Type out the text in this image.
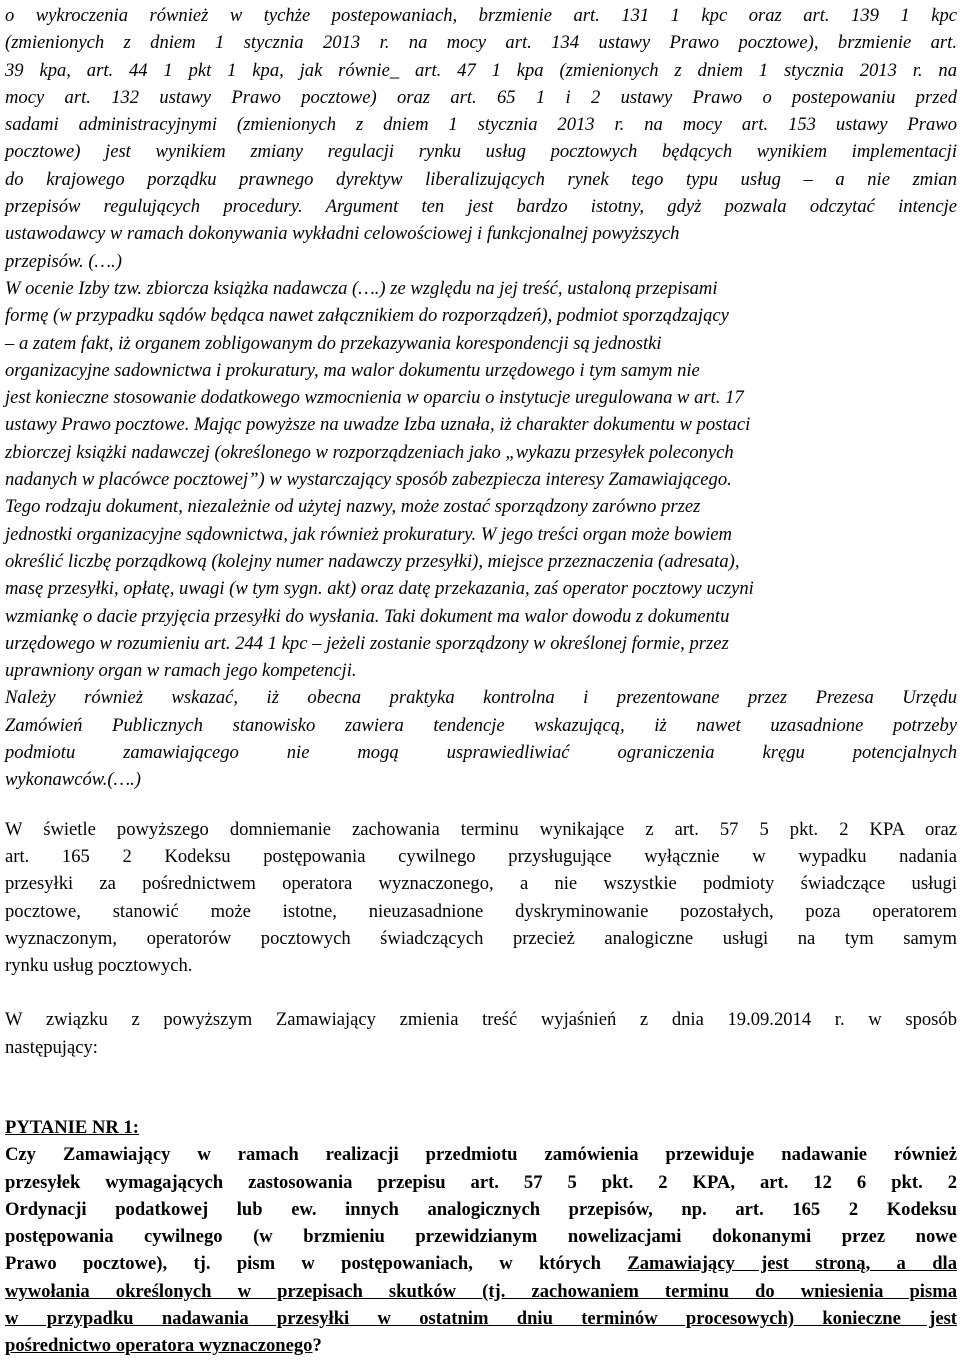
o wykroczenia również w tychże postepowaniach, brzmienie art. 131 1 kpc oraz art. 139 1 kpc
(zmienionych z dniem 1 stycznia 2013 r. na mocy art. 134 ustawy Prawo pocztowe), brzmienie art.
39 kpa, art. 44 1 pkt 1 kpa, jak równie_ art. 47 1 kpa (zmienionych z dniem 1 stycznia 2013 r. na
mocy art. 132 ustawy Prawo pocztowe) oraz art. 65 1 i 2 ustawy Prawo o postepowaniu przed
sadami administracyjnymi (zmienionych z dniem 1 stycznia 2013 r. na mocy art. 153 ustawy Prawo
pocztowe) jest wynikiem zmiany regulacji rynku usług pocztowych będących wynikiem implementacji
do krajowego porządku prawnego dyrektyw liberalizujących rynek tego typu usług – a nie zmian
przepisów regulujących procedury. Argument ten jest bardzo istotny, gdyż pozwala odczytać intencje
ustawodawcy w ramach dokonywania wykładni celowościowej i funkcjonalnej powyższych
przepisów. (….)
W ocenie Izby tzw. zbiorcza książka nadawcza (….) ze względu na jej treść, ustaloną przepisami
formę (w przypadku sądów będąca nawet załącznikiem do rozporządzeń), podmiot sporządzający
– a zatem fakt, iż organem zobligowanym do przekazywania korespondencji są jednostki
organizacyjne sadownictwa i prokuratury, ma walor dokumentu urzędowego i tym samym nie
jest konieczne stosowanie dodatkowego wzmocnienia w oparciu o instytucje uregulowana w art. 17
ustawy Prawo pocztowe. Mając powyższe na uwadze Izba uznała, iż charakter dokumentu w postaci
zbiorczej książki nadawczej (określonego w rozporządzeniach jako „wykazu przesyłek poleconych
nadanych w placówce pocztowej”) w wystarczający sposób zabezpiecza interesy Zamawiającego.
Tego rodzaju dokument, niezależnie od użytej nazwy, może zostać sporządzony zarówno przez
jednostki organizacyjne sądownictwa, jak również prokuratury. W jego treści organ może bowiem
określić liczbę porządkową (kolejny numer nadawczy przesyłki), miejsce przeznaczenia (adresata),
masę przesyłki, opłatę, uwagi (w tym sygn. akt) oraz datę przekazania, zaś operator pocztowy uczyni
wzmiankę o dacie przyjęcia przesyłki do wysłania. Taki dokument ma walor dowodu z dokumentu
urzędowego w rozumieniu art. 244 1 kpc – jeżeli zostanie sporządzony w określonej formie, przez
uprawniony organ w ramach jego kompetencji.
Należy również wskazać, iż obecna praktyka kontrolna i prezentowane przez Prezesa Urzędu
Zamówień Publicznych stanowisko zawiera tendencje wskazującą, iż nawet uzasadnione potrzeby
podmiotu zamawiającego nie mogą usprawiedliwiać ograniczenia kręgu potencjalnych
wykonawców.(….)
W świetle powyższego domniemanie zachowania terminu wynikające z art. 57 5 pkt. 2 KPA oraz
art. 165 2 Kodeksu postępowania cywilnego przysługujące wyłącznie w wypadku nadania
przesyłki za pośrednictwem operatora wyznaczonego, a nie wszystkie podmioty świadczące usługi
pocztowe, stanowić może istotne, nieuzasadnione dyskryminowanie pozostałych, poza operatorem
wyznaczonym, operatorów pocztowych świadczących przecież analogiczne usługi na tym samym
rynku usług pocztowych.
W związku z powyższym Zamawiający zmienia treść wyjaśnień z dnia 19.09.2014 r. w sposób
następujący:
PYTANIE NR 1:
Czy Zamawiający w ramach realizacji przedmiotu zamówienia przewiduje nadawanie również
przesyłek wymagających zastosowania przepisu art. 57 5 pkt. 2 KPA, art. 12 6 pkt. 2
Ordynacji podatkowej lub ew. innych analogicznych przepisów, np. art. 165 2 Kodeksu
postępowania cywilnego (w brzmieniu przewidzianym nowelizacjami dokonanymi przez nowe
Prawo pocztowe), tj. pism w postępowaniach, w których Zamawiający jest stroną, a dla
wywołania określonych w przepisach skutków (tj. zachowaniem terminu do wniesienia pisma
w przypadku nadawania przesyłki w ostatnim dniu terminów procesowych) konieczne jest
pośrednictwo operatora wyznaczonego?
